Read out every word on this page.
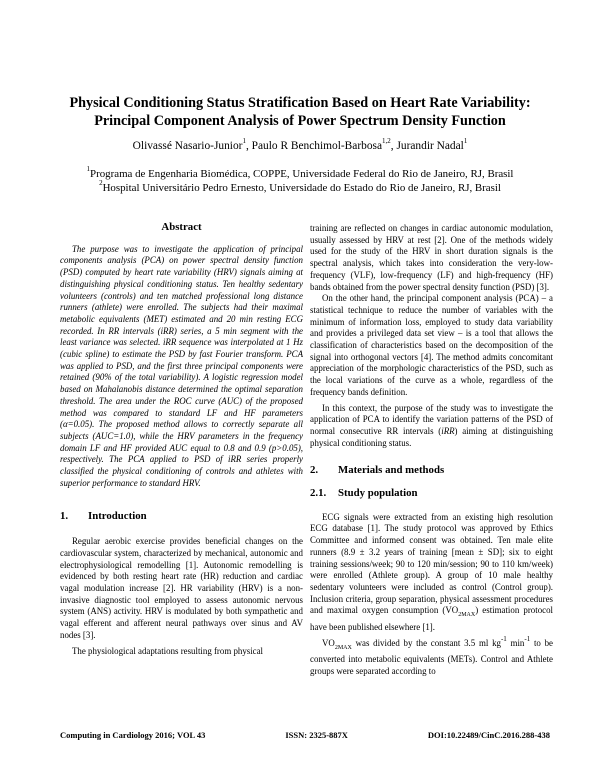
Physical Conditioning Status Stratification Based on Heart Rate Variability:
Principal Component Analysis of Power Spectrum Density Function
Olivassé Nasario-Junior$^1$, Paulo R Benchimol-Barbosa$^{1,2}$, Jurandir Nadal$^1$
$^1$Programa de Engenharia Biomédica, COPPE, Universidade Federal do Rio de Janeiro, RJ, Brasil
$^2$Hospital Universitário Pedro Ernesto, Universidade do Estado do Rio de Janeiro, RJ, Brasil
Abstract

The purpose was to investigate the application of principal components analysis (PCA) on power spectral density function (PSD) computed by heart rate variability (HRV) signals aiming at distinguishing physical conditioning status. Ten healthy sedentary volunteers (controls) and ten matched professional long distance runners (athlete) were enrolled. The subjects had their maximal metabolic equivalents (MET) estimated and 20 min resting ECG recorded. In RR intervals (iRR) series, a 5 min segment with the least variance was selected. iRR sequence was interpolated at 1 Hz (cubic spline) to estimate the PSD by fast Fourier transform. PCA was applied to PSD, and the first three principal components were retained (90% of the total variability). A logistic regression model based on Mahalanobis distance determined the optimal separation threshold. The area under the ROC curve (AUC) of the proposed method was compared to standard LF and HF parameters (α=0.05). The proposed method allows to correctly separate all subjects (AUC=1.0), while the HRV parameters in the frequency domain LF and HF provided AUC equal to 0.8 and 0.9 (p>0.05), respectively. The PCA applied to PSD of iRR series properly classified the physical conditioning of controls and athletes with superior performance to standard HRV.

1.	Introduction

Regular aerobic exercise provides beneficial changes on the cardiovascular system, characterized by mechanical, autonomic and electrophysiological remodelling [1]. Autonomic remodelling is evidenced by both resting heart rate (HR) reduction and cardiac vagal modulation increase [2]. HR variability (HRV) is a non-invasive diagnostic tool employed to assess autonomic nervous system (ANS) activity. HRV is modulated by both sympathetic and vagal efferent and afferent neural pathways over sinus and AV nodes [3].

The physiological adaptations resulting from physical

training are reflected on changes in cardiac autonomic modulation, usually assessed by HRV at rest [2]. One of the methods widely used for the study of the HRV in short duration signals is the spectral analysis, which takes into consideration the very-low-frequency (VLF), low-frequency (LF) and high-frequency (HF) bands obtained from the power spectral density function (PSD) [3].

On the other hand, the principal component analysis (PCA) – a statistical technique to reduce the number of variables with the minimum of information loss, employed to study data variability and provides a privileged data set view – is a tool that allows the classification of characteristics based on the decomposition of the signal into orthogonal vectors [4]. The method admits concomitant appreciation of the morphologic characteristics of the PSD, such as the local variations of the curve as a whole, regardless of the frequency bands definition.

In this context, the purpose of the study was to investigate the application of PCA to identify the variation patterns of the PSD of normal consecutive RR intervals (iRR) aiming at distinguishing physical conditioning status.

2.	Materials and methods
2.1.	Study population

ECG signals were extracted from an existing high resolution ECG database [1]. The study protocol was approved by Ethics Committee and informed consent was obtained. Ten male elite runners (8.9 ± 3.2 years of training [mean ± SD]; six to eight training sessions/week; 90 to 120 min/session; 90 to 110 km/week) were enrolled (Athlete group). A group of 10 male healthy sedentary volunteers were included as control (Control group). Inclusion criteria, group separation, physical assessment procedures and maximal oxygen consumption $(VO_{2MAX})$ estimation protocol have been published elsewhere [1].

$VO_{2MAX}$ was divided by the constant 3.5 ml $kg^{-1}$ $\min^{-1}$ to be converted into metabolic equivalents (METs). Control and Athlete groups were separated according to

Computing in Cardiology 2016; VOL 43	ISSN: 2325-887X	DOI:10.22489/CinC.2016.288-438
